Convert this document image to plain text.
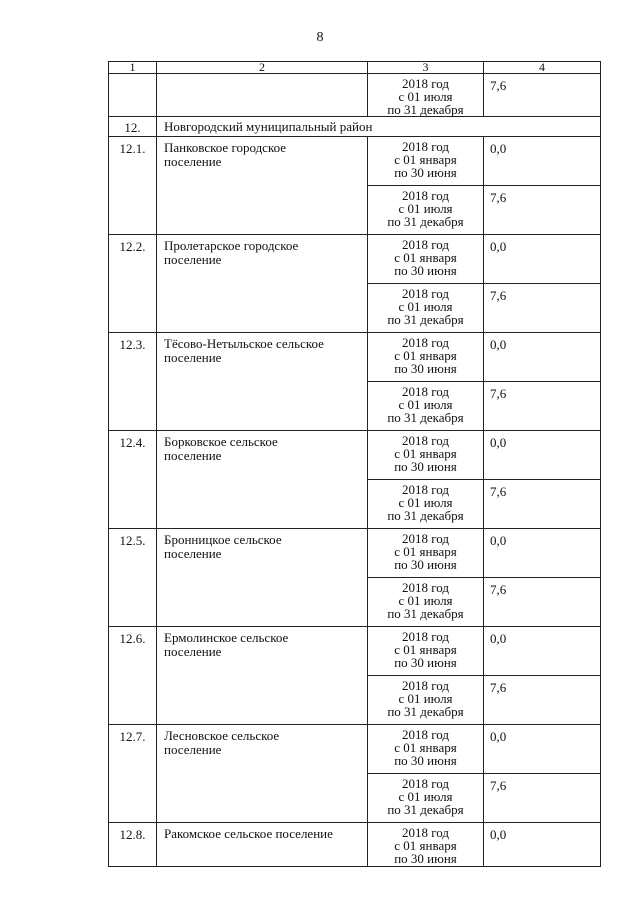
8
1	2	3	4

		2018 год
с 01 июля
по 31 декабря	7,6
12.	Новгородский муниципальный район		
12.1.	Панковское городское
поселение	2018 год
с 01 января
по 30 июня	0,0

		2018 год
с 01 июля
по 31 декабря	7,6
12.2.	Пролетарское городское
поселение	2018 год
с 01 января
по 30 июня	0,0

		2018 год
с 01 июля
по 31 декабря	7,6
12.3.	Тёсово-Нетыльское сельское
поселение	2018 год
с 01 января
по 30 июня	0,0

		2018 год
с 01 июля
по 31 декабря	7,6
12.4.	Борковское сельское
поселение	2018 год
с 01 января
по 30 июня	0,0

		2018 год
с 01 июля
по 31 декабря	7,6
12.5.	Бронницкое сельское
поселение	2018 год
с 01 января
по 30 июня	0,0

		2018 год
с 01 июля
по 31 декабря	7,6
12.6.	Ермолинское сельское
поселение	2018 год
с 01 января
по 30 июня	0,0

		2018 год
с 01 июля
по 31 декабря	7,6
12.7.	Лесновское сельское
поселение	2018 год
с 01 января
по 30 июня	0,0

		2018 год
с 01 июля
по 31 декабря	7,6
12.8.	Ракомское сельское поселение	2018 год
с 01 января
по 30 июня	0,0
